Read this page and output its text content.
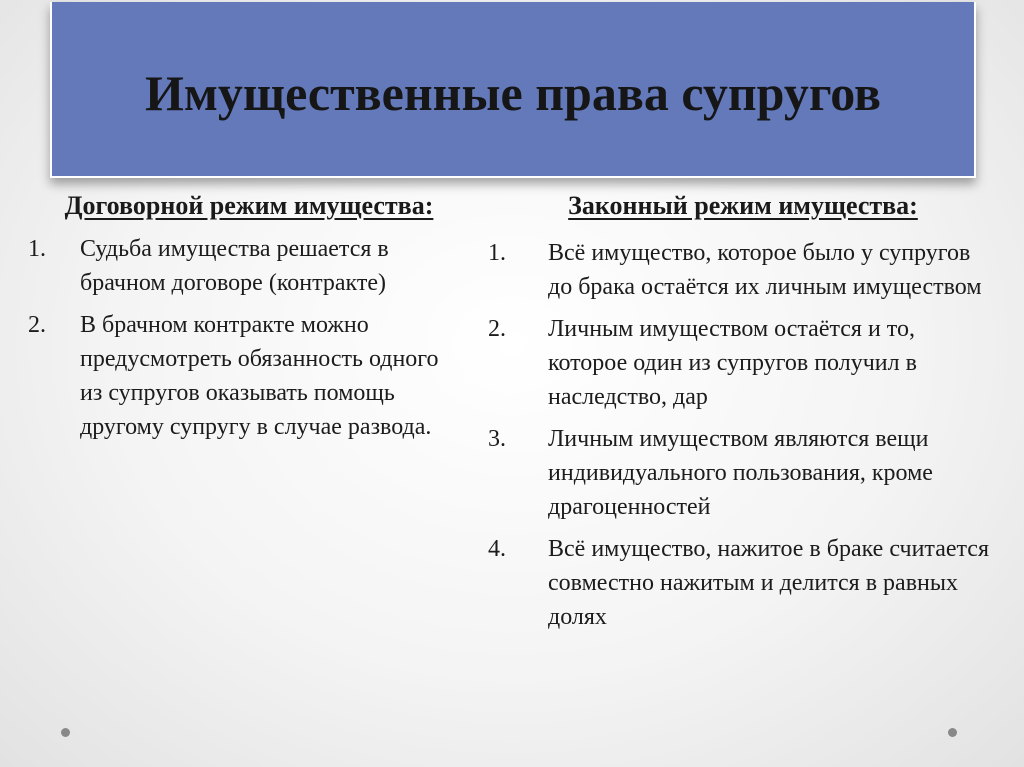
Имущественные права супругов
Договорной режим имущества:
1.	Судьба имущества решается в брачном договоре (контракте)
2.	В брачном контракте можно предусмотреть обязанность одного из супругов оказывать помощь другому супругу в случае развода.
Законный режим имущества:
1.	Всё имущество, которое было у супругов до брака остаётся их личным имуществом
2.	Личным имуществом остаётся и то, которое один из супругов получил в наследство, дар
3.	Личным имуществом являются вещи индивидуального пользования, кроме драгоценностей
4.	Всё имущество, нажитое в браке считается совместно нажитым и делится в равных долях
